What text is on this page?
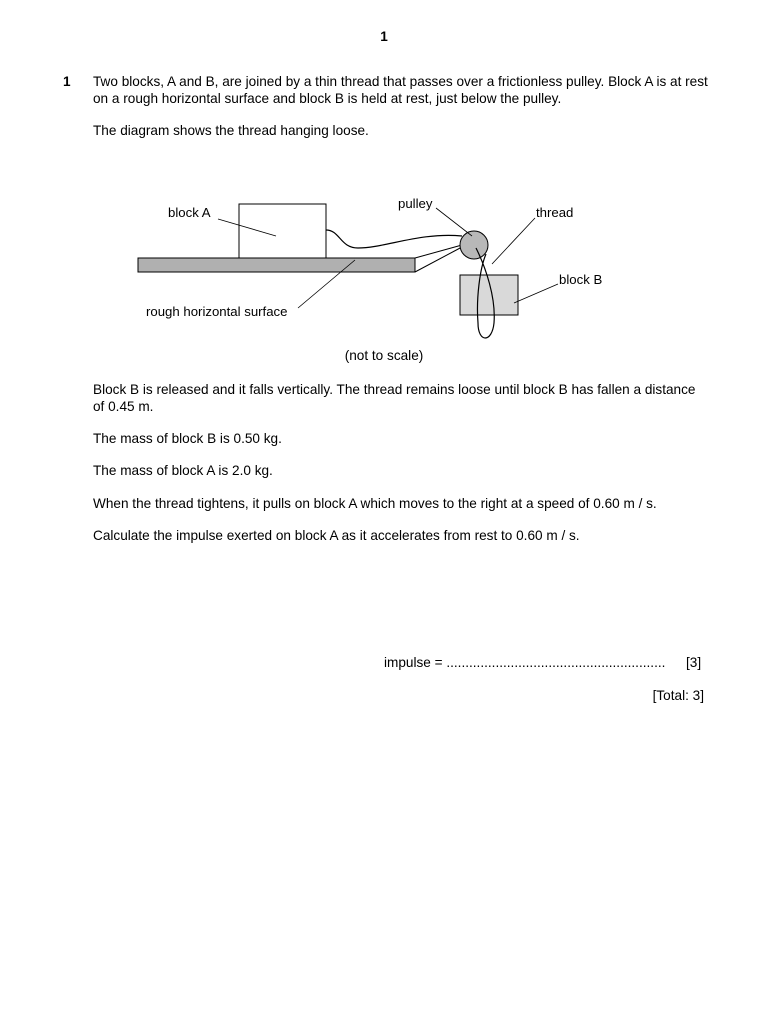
1
1 Two blocks, A and B, are joined by a thin thread that passes over a frictionless pulley. Block A is at rest on a rough horizontal surface and block B is held at rest, just below the pulley.

The diagram shows the thread hanging loose.

block A
pulley
thread
block B
rough horizontal surface
(not to scale)

Block B is released and it falls vertically. The thread remains loose until block B has fallen a distance of 0.45 m.

The mass of block B is 0.50 kg.

The mass of block A is 2.0 kg.

When the thread tightens, it pulls on block A which moves to the right at a speed of 0.60 m / s.

Calculate the impulse exerted on block A as it accelerates from rest to 0.60 m / s.

impulse = .......................................................... [3]
[Total: 3]
